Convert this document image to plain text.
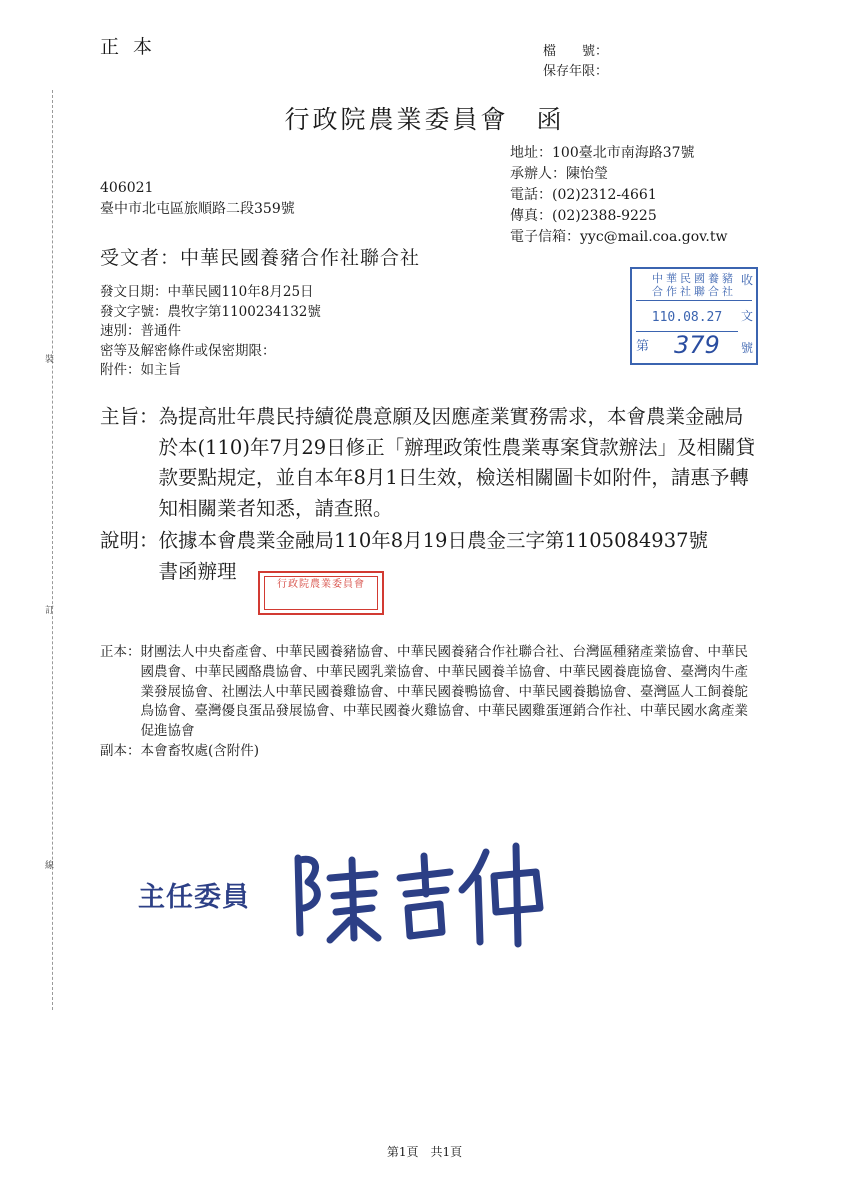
裝
訂
線
正本	檔　　號：
保存年限：
行政院農業委員會　函
地址：100臺北市南海路37號
承辦人：陳怡瑩
電話：(02)2312-4661
傳真：(02)2388-9225
電子信箱：yyc@mail.coa.gov.tw
406021
臺中市北屯區旅順路二段359號
受文者：中華民國養豬合作社聯合社
發文日期：中華民國110年8月25日
發文字號：農牧字第1100234132號
速別：普通件
密等及解密條件或保密期限：
附件：如主旨
中華民國養豬
合作社聯合社
110.08.27
第	379
收
文
號
主旨： 為提高壯年農民持續從農意願及因應產業實務需求，本會農業金融局於本(110)年7月29日修正「辦理政策性農業專案貸款辦法」及相關貸款要點規定，並自本年8月1日生效，檢送相關圖卡如附件，請惠予轉知相關業者知悉，請查照。
說明： 依據本會農業金融局110年8月19日農金三字第1105084937號
書函辦理
行政院農業委員會
正本： 財團法人中央畜產會、中華民國養豬協會、中華民國養豬合作社聯合社、台灣區種豬產業協會、中華民國農會、中華民國酪農協會、中華民國乳業協會、中華民國養羊協會、中華民國養鹿協會、臺灣肉牛產業發展協會、社團法人中華民國養雞協會、中華民國養鴨協會、中華民國養鵝協會、臺灣區人工飼養鴕鳥協會、臺灣優良蛋品發展協會、中華民國養火雞協會、中華民國雞蛋運銷合作社、中華民國水禽產業促進協會
副本： 本會畜牧處(含附件)
主任委員
第1頁　共1頁
